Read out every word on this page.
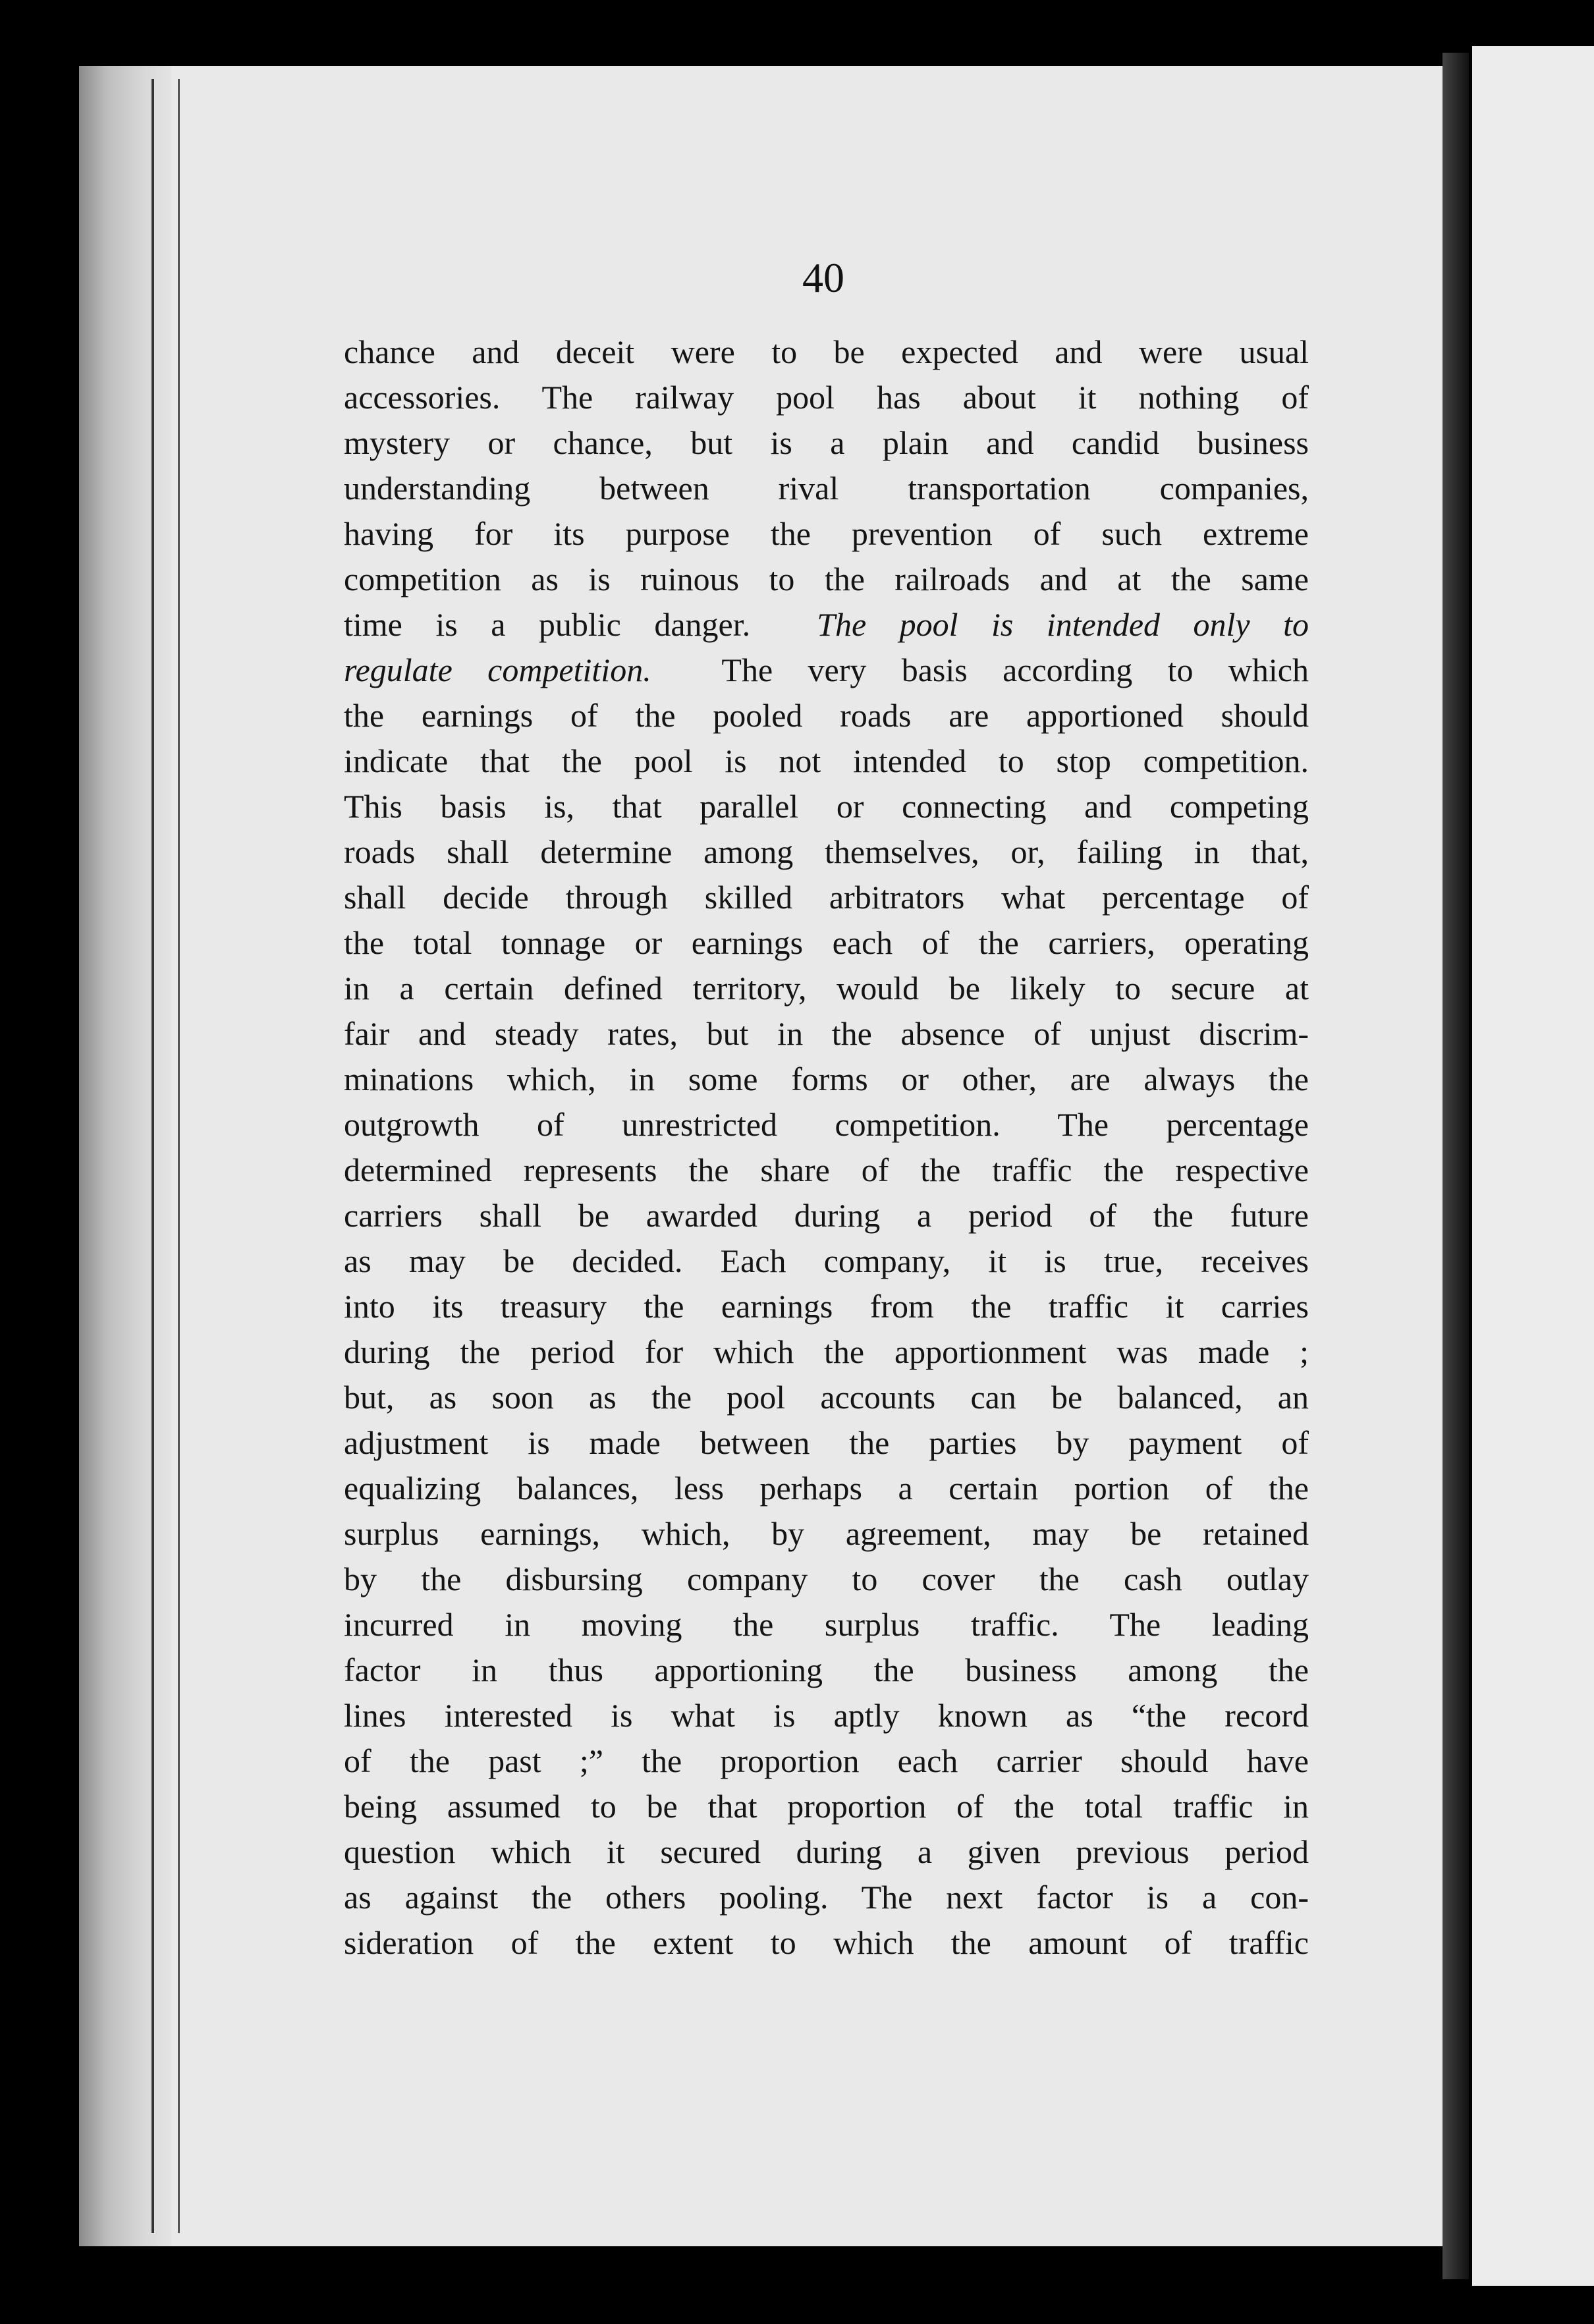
40
chance and deceit were to be expected and were usual
accessories. The railway pool has about it nothing of
mystery or chance, but is a plain and candid business
understanding between rival transportation companies,
having for its purpose the prevention of such extreme
competition as is ruinous to the railroads and at the same
time is a public danger. The pool is intended only to
regulate competition. The very basis according to which
the earnings of the pooled roads are apportioned should
indicate that the pool is not intended to stop competition.
This basis is, that parallel or connecting and competing
roads shall determine among themselves, or, failing in that,
shall decide through skilled arbitrators what percentage of
the total tonnage or earnings each of the carriers, operating
in a certain defined territory, would be likely to secure at
fair and steady rates, but in the absence of unjust discrim-
minations which, in some forms or other, are always the
outgrowth of unrestricted competition. The percentage
determined represents the share of the traffic the respective
carriers shall be awarded during a period of the future
as may be decided. Each company, it is true, receives
into its treasury the earnings from the traffic it carries
during the period for which the apportionment was made ;
but, as soon as the pool accounts can be balanced, an
adjustment is made between the parties by payment of
equalizing balances, less perhaps a certain portion of the
surplus earnings, which, by agreement, may be retained
by the disbursing company to cover the cash outlay
incurred in moving the surplus traffic. The leading
factor in thus apportioning the business among the
lines interested is what is aptly known as “the record
of the past ;” the proportion each carrier should have
being assumed to be that proportion of the total traffic in
question which it secured during a given previous period
as against the others pooling. The next factor is a con-
sideration of the extent to which the amount of traffic
